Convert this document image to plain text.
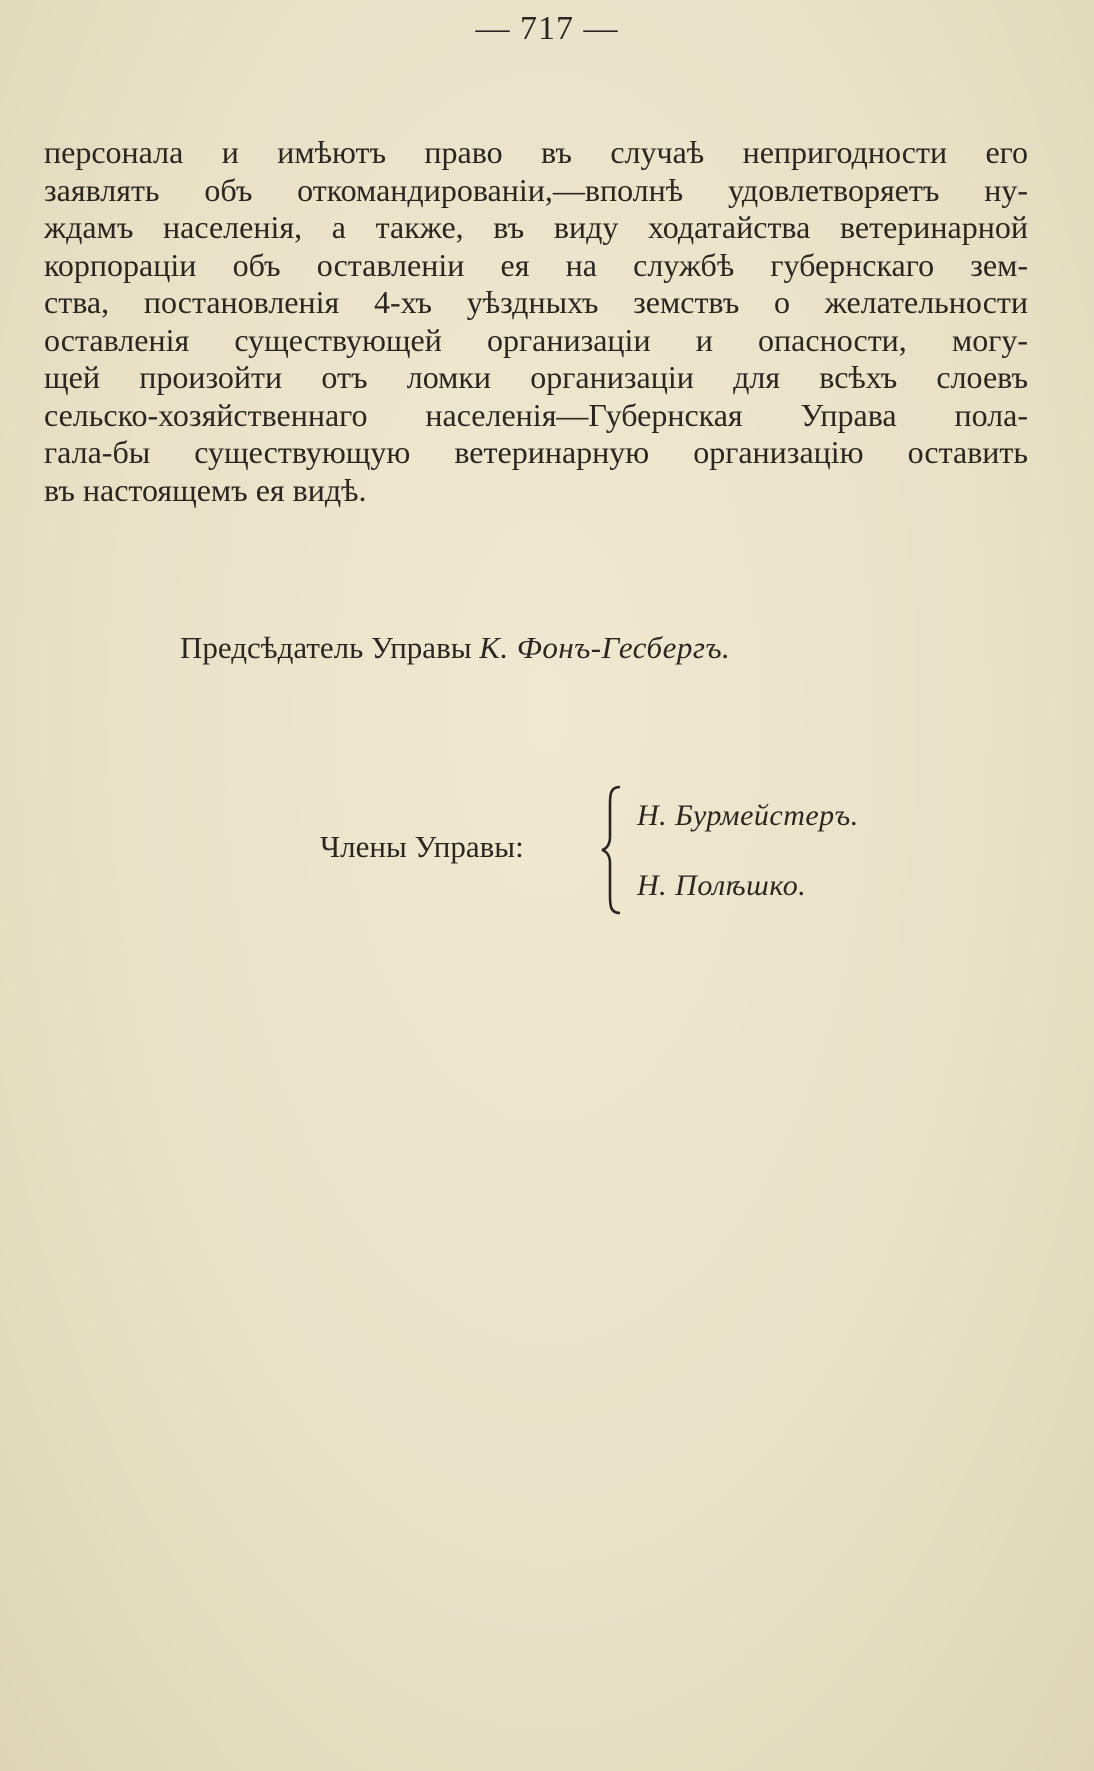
— 717 —
персонала и имѣютъ право въ случаѣ непригодности его
заявлять объ откомандированіи,—вполнѣ удовлетворяетъ ну-
ждамъ населенія, а также, въ виду ходатайства ветеринарной
корпораціи объ оставленіи ея на службѣ губернскаго зем-
ства, постановленія 4-хъ уѣздныхъ земствъ о желательности
оставленія существующей организаціи и опасности, могу-
щей произойти отъ ломки организаціи для всѣхъ слоевъ
сельско-хозяйственнаго населенія—Губернская Управа пола-
гала-бы существующую ветеринарную организацію оставить
въ настоящемъ ея видѣ.
Предсѣдатель Управы К. Фонъ-Гесбергъ.
Члены Управы:
Н. Бурмейстеръ.
Н. Полѣшко.
